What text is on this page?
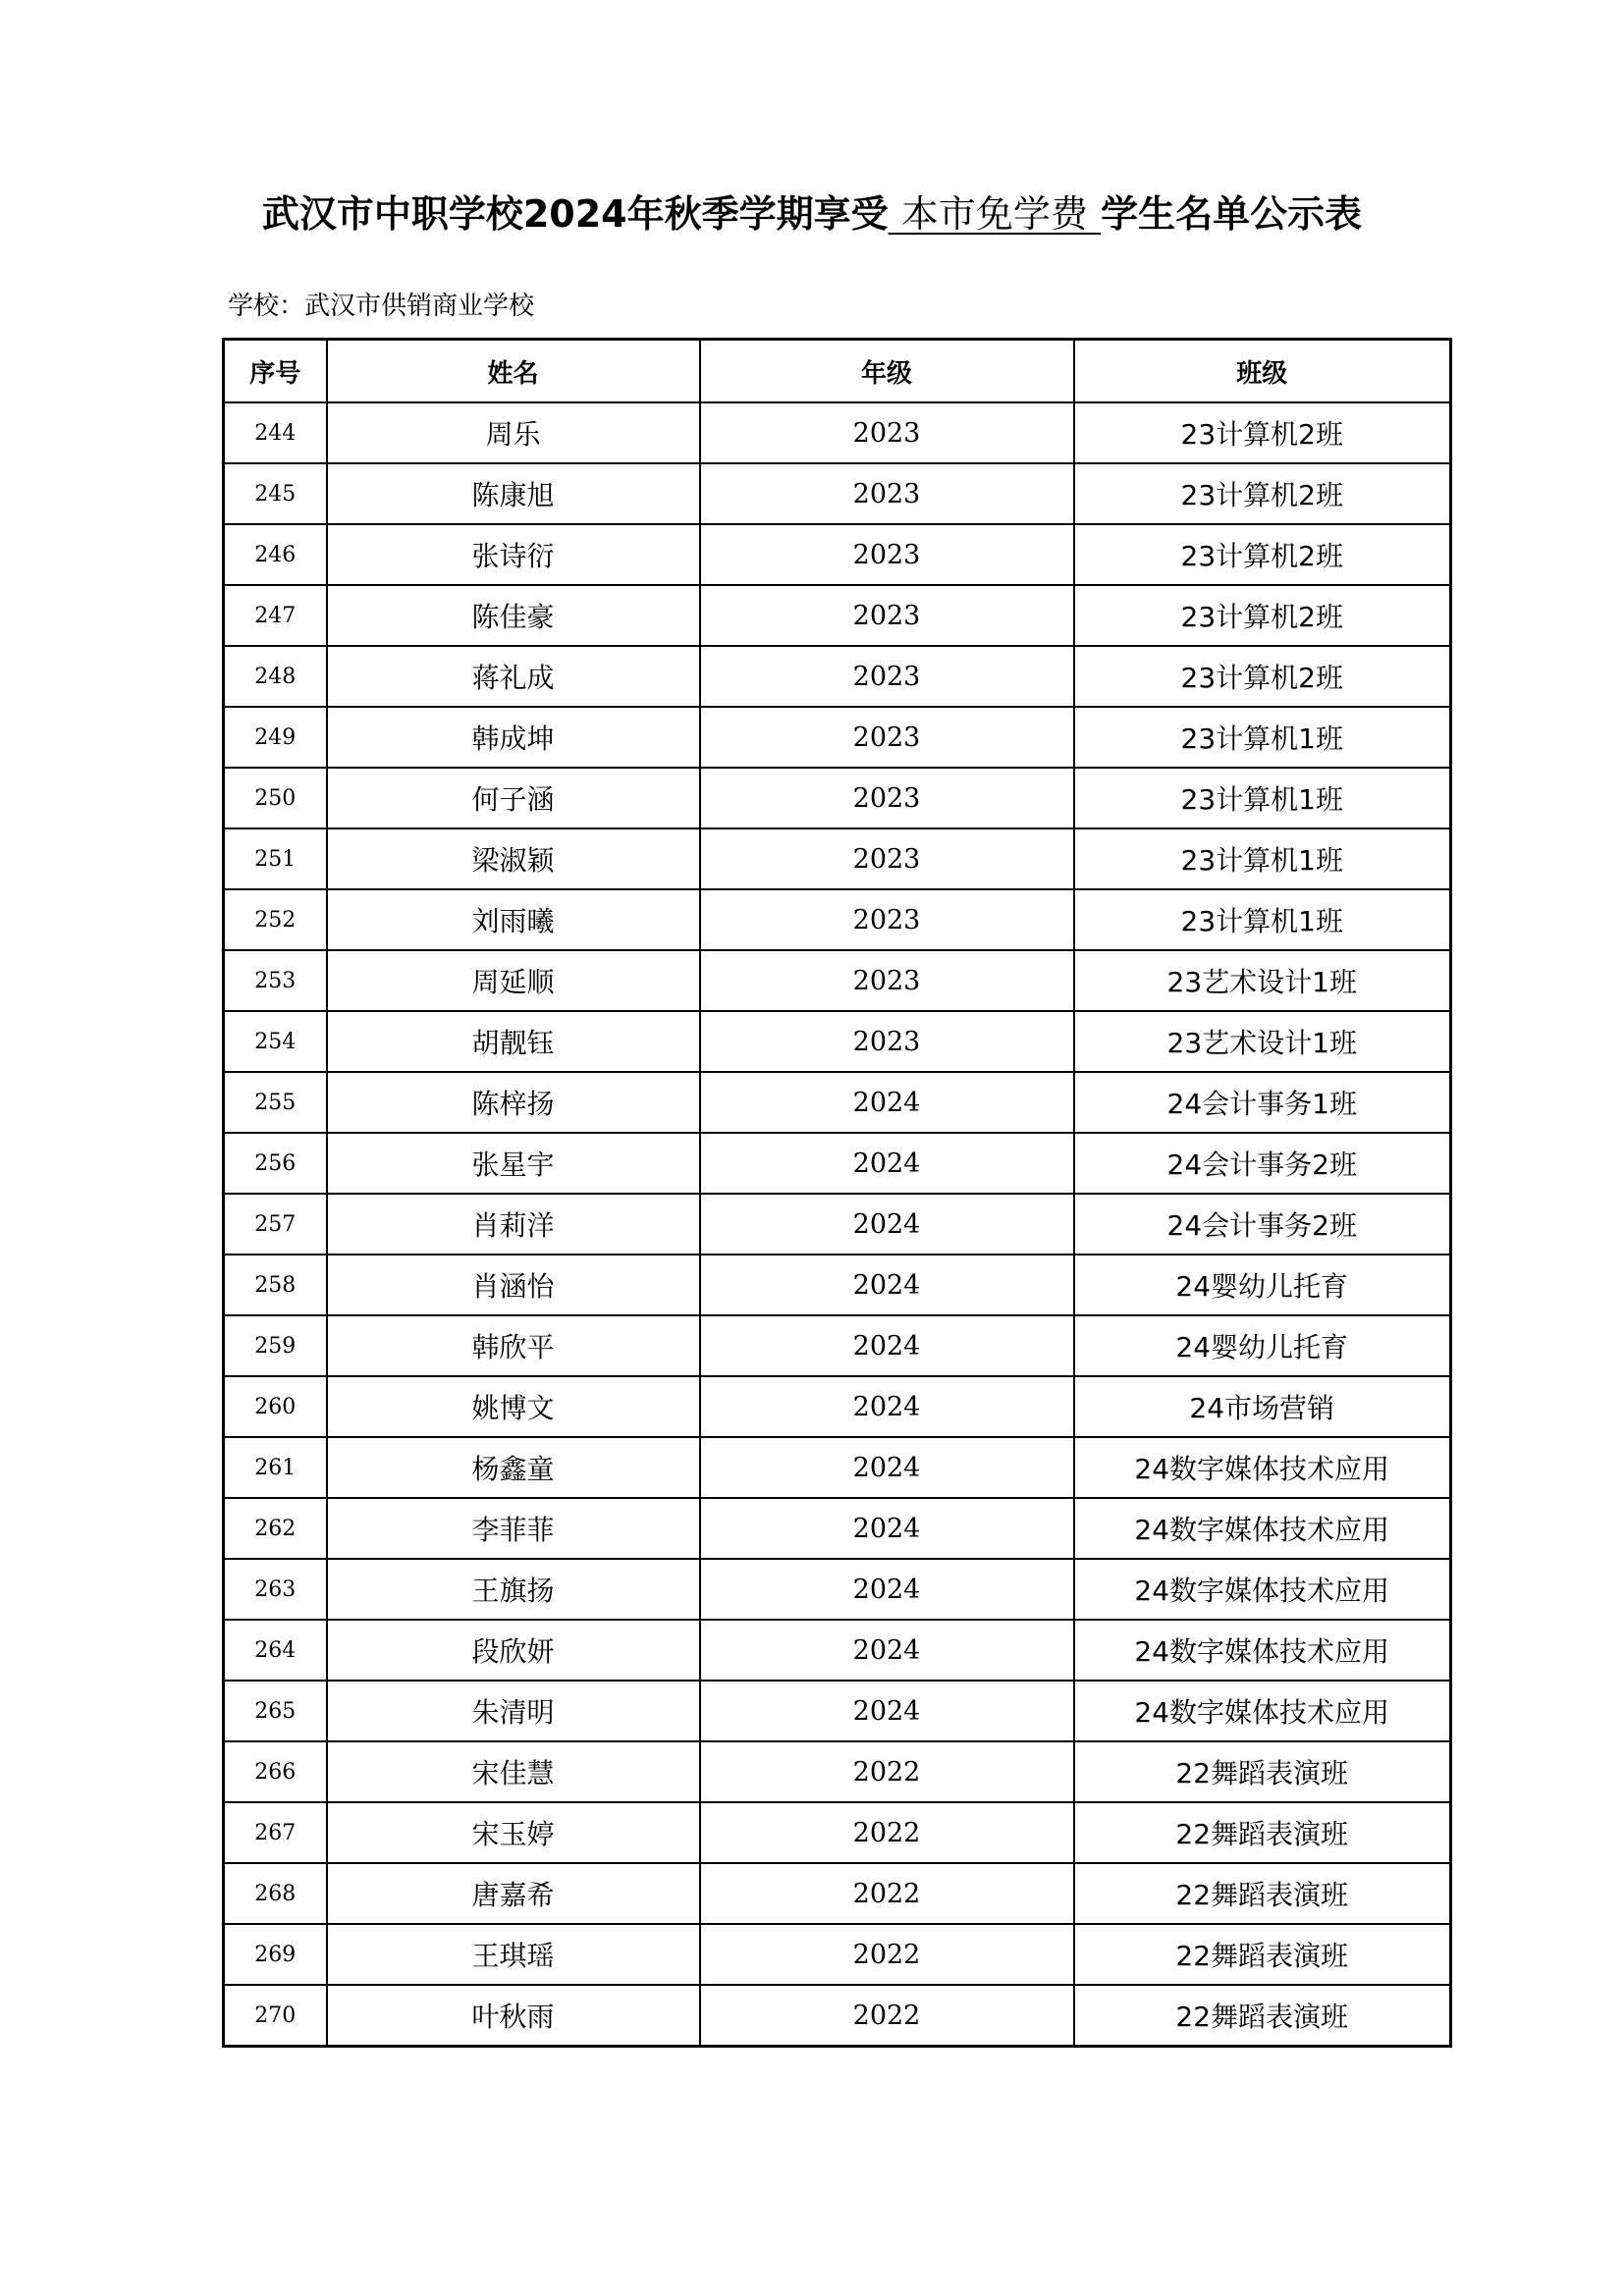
武汉市中职学校2024年秋季学期享受 本市免学费 学生名单公示表
学校：武汉市供销商业学校
序号	姓名	年级	班级
244	周乐	2023	23计算机2班
245	陈康旭	2023	23计算机2班
246	张诗衍	2023	23计算机2班
247	陈佳豪	2023	23计算机2班
248	蒋礼成	2023	23计算机2班
249	韩成坤	2023	23计算机1班
250	何子涵	2023	23计算机1班
251	梁淑颖	2023	23计算机1班
252	刘雨曦	2023	23计算机1班
253	周延顺	2023	23艺术设计1班
254	胡靓钰	2023	23艺术设计1班
255	陈梓扬	2024	24会计事务1班
256	张星宇	2024	24会计事务2班
257	肖莉洋	2024	24会计事务2班
258	肖涵怡	2024	24婴幼儿托育
259	韩欣平	2024	24婴幼儿托育
260	姚博文	2024	24市场营销
261	杨鑫童	2024	24数字媒体技术应用
262	李菲菲	2024	24数字媒体技术应用
263	王旗扬	2024	24数字媒体技术应用
264	段欣妍	2024	24数字媒体技术应用
265	朱清明	2024	24数字媒体技术应用
266	宋佳慧	2022	22舞蹈表演班
267	宋玉婷	2022	22舞蹈表演班
268	唐嘉希	2022	22舞蹈表演班
269	王琪瑶	2022	22舞蹈表演班
270	叶秋雨	2022	22舞蹈表演班
